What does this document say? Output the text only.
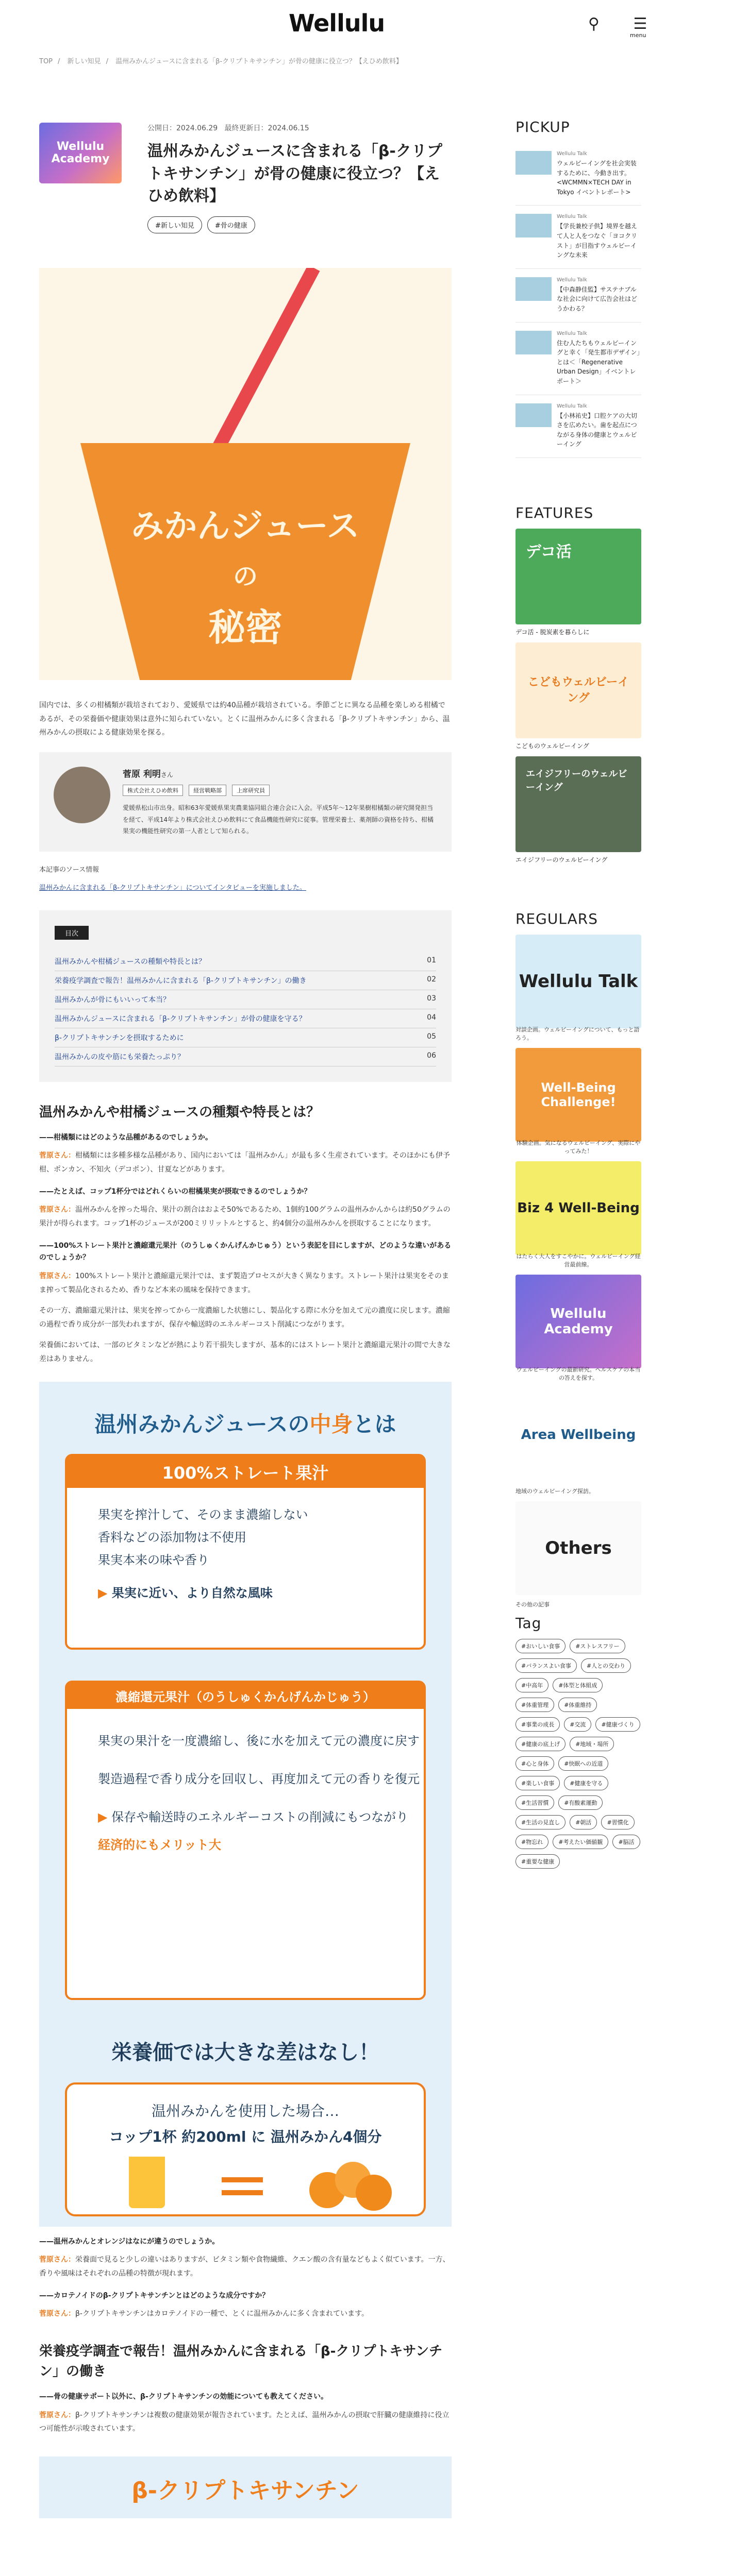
Wellulu	⚲	☰
menu
TOP / 新しい知見 / 温州みかんジュースに含まれる「β-クリプトキサンチン」が骨の健康に役立つ？【えひめ飲料】
Wellulu Academy
公開日：2024.06.29 最終更新日：2024.06.15
温州みかんジュースに含まれる「β-クリプトキサンチン」が骨の健康に役立つ？【えひめ飲料】
#新しい知見	#骨の健康
みかんジュース
の
秘密

国内では、多くの柑橘類が栽培されており、愛媛県では約40品種が栽培されている。季節ごとに異なる品種を楽しめる柑橘であるが、その栄養価や健康効果は意外に知られていない。とくに温州みかんに多く含まれる「β-クリプトキサンチン」から、温州みかんの摂取による健康効果を探る。

菅原 利明さん
株式会社えひめ飲料	経営戦略部	上席研究員

愛媛県松山市出身。昭和63年愛媛県果実農業協同組合連合会に入会。平成5年〜12年果樹柑橘類の研究開発担当を経て、平成14年より株式会社えひめ飲料にて食品機能性研究に従事。管理栄養士、薬剤師の資格を持ち、柑橘果実の機能性研究の第一人者として知られる。

本記事のソース情報

温州みかんに含まれる「β-クリプトキサンチン」についてインタビューを実施しました。

目次
温州みかんや柑橘ジュースの種類や特長とは？	01
栄養疫学調査で報告！温州みかんに含まれる「β-クリプトキサンチン」の働き	02
温州みかんが骨にもいいって本当？	03
温州みかんジュースに含まれる「β-クリプトキサンチン」が骨の健康を守る？	04
β-クリプトキサンチンを摂取するために	05
温州みかんの皮や筋にも栄養たっぷり？	06
温州みかんや柑橘ジュースの種類や特長とは？
——柑橘類にはどのような品種があるのでしょうか。

菅原さん：柑橘類には多種多様な品種があり、国内においては「温州みかん」が最も多く生産されています。そのほかにも伊予柑、ポンカン、不知火（デコポン）、甘夏などがあります。

——たとえば、コップ1杯分ではどれくらいの柑橘果実が摂取できるのでしょうか？

菅原さん：温州みかんを搾った場合、果汁の割合はおよそ50%であるため、1個約100グラムの温州みかんからは約50グラムの果汁が得られます。コップ1杯のジュースが200ミリリットルとすると、約4個分の温州みかんを摂取することになります。

——100%ストレート果汁と濃縮還元果汁（のうしゅくかんげんかじゅう）という表記を目にしますが、どのような違いがあるのでしょうか？

菅原さん：100%ストレート果汁と濃縮還元果汁では、まず製造プロセスが大きく異なります。ストレート果汁は果実をそのまま搾って製品化されるため、香りなど本来の風味を保持できます。

その一方、濃縮還元果汁は、果実を搾ってから一度濃縮した状態にし、製品化する際に水分を加えて元の濃度に戻します。濃縮の過程で香り成分が一部失われますが、保存や輸送時のエネルギーコスト削減につながります。

栄養価においては、一部のビタミンなどが熱により若干損失しますが、基本的にはストレート果汁と濃縮還元果汁の間で大きな差はありません。

温州みかんジュースの中身とは
100%ストレート果汁
果実を搾汁して、そのまま濃縮しない
香料などの添加物は不使用
果実本来の味や香り
▶ 果実に近い、より自然な風味
濃縮還元果汁（のうしゅくかんげんかじゅう）
果実の果汁を一度濃縮し、後に水を加えて元の濃度に戻す
製造過程で香り成分を回収し、再度加えて元の香りを復元
▶ 保存や輸送時のエネルギーコストの削減にもつながり
経済的にもメリット大
栄養価では大きな差はなし！
温州みかんを使用した場合…
コップ1杯 約200ml に 温州みかん4個分
——温州みかんとオレンジはなにが違うのでしょうか。

菅原さん：栄養面で見ると少しの違いはありますが、ビタミン類や食物繊維、クエン酸の含有量などもよく似ています。一方、香りや風味はそれぞれの品種の特徴が現れます。

——カロテノイドのβ-クリプトキサンチンとはどのような成分ですか？

菅原さん：β-クリプトキサンチンはカロテノイドの一種で、とくに温州みかんに多く含まれています。

栄養疫学調査で報告！温州みかんに含まれる「β-クリプトキサンチン」の働き
——骨の健康サポート以外に、β-クリプトキサンチンの効能についても教えてください。

菅原さん：β-クリプトキサンチンは複数の健康効果が報告されています。たとえば、温州みかんの摂取で肝臓の健康維持に役立つ可能性が示唆されています。

β-クリプトキサンチン
PICKUP
Wellulu Talk
ウェルビーイングを社会実装するために、今動き出す。<WCMMN×TECH DAY in Tokyo イベントレポート>
Wellulu Talk
【学長兼校子供】境界を越えて人と人をつなぐ「ヨコクリスト」が目指すウェルビーイングな未来
Wellulu Talk
【中森静佳監】サステナブルな社会に向けて広告会社はどうかわる？
Wellulu Talk
住む人たちもウェルビーイングと幸く「発生都市デザイン」とは＜「Regenerative Urban Design」イベントレポート＞
Wellulu Talk
【小林祐史】口腔ケアの大切さを広めたい。歯を起点につながる身体の健康とウェルビーイング
FEATURES
デコ活
デコ活 - 脱炭素を暮らしに
こどもウェルビーイング
こどものウェルビーイング
エイジフリーのウェルビーイング
エイジフリーのウェルビーイング
REGULARS
Wellulu Talk
対談企画。ウェルビーイングについて、もっと語ろう。
Well-Being Challenge!
体験企画。気になるウェルビーイング、実際にやってみた！
Biz 4 Well-Being
はたらく大人をすこやかに。ウェルビーイング経営最前線。
Wellulu Academy
ウェルビーイングの最新研究。ヘルスケアの本当の答えを探す。
Area Wellbeing
地域のウェルビーイング探訪。
Others
その他の記事
Tag
#おいしい食事	#ストレスフリー
#バランスよい食事	#人との交わり
#中高年	#体型と体組成
#体重管理	#体重維持
#事業の成長	#交流	#健康づくり
#健康の底上げ	#地域・場所
#心と身体	#快眠への近道
#楽しい食事	#健康を守る
#生活習慣	#有酸素運動
#生活の見直し	#朝活	#習慣化
#物忘れ	#考えたい価値観	#脳活
#重要な健康
